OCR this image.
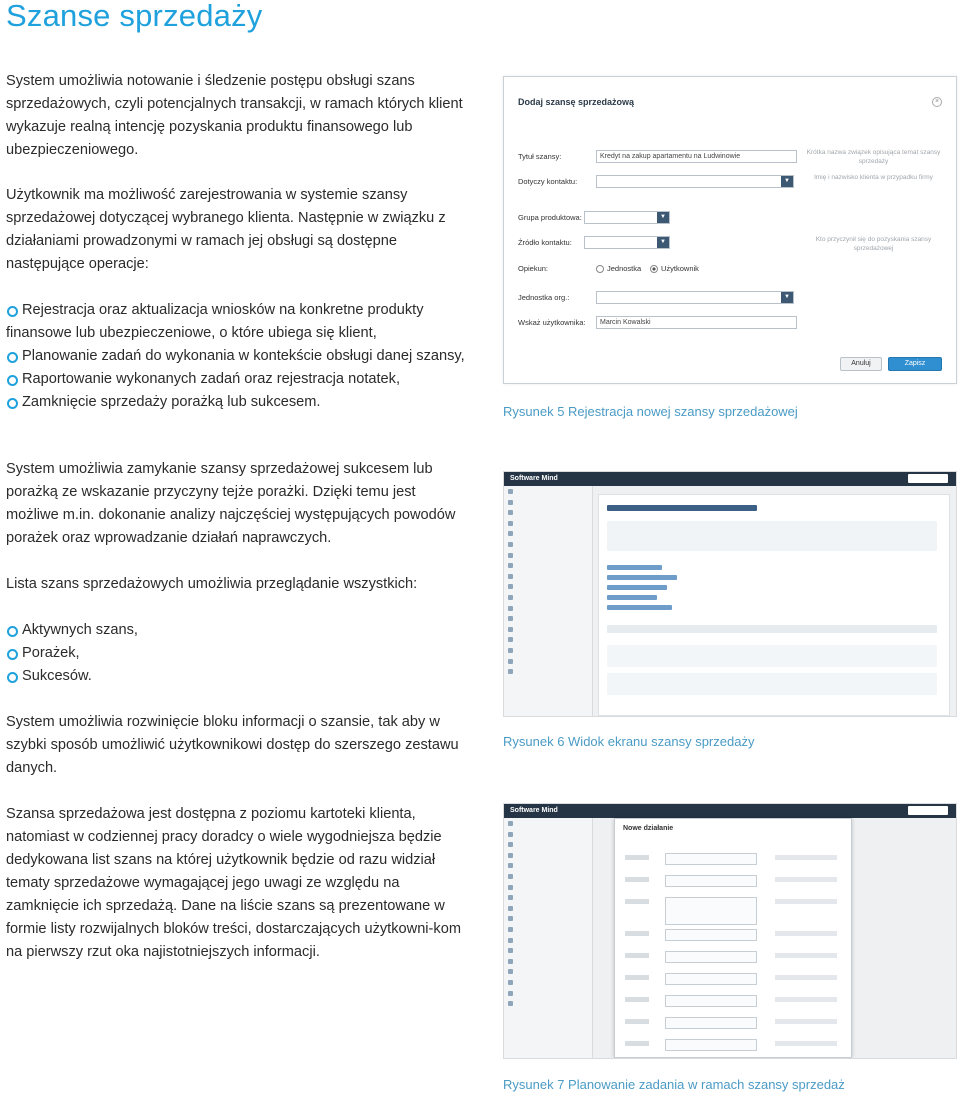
Szanse sprzedaży

System umożliwia notowanie i śledzenie postępu obsługi szans sprzedażowych, czyli potencjalnych transakcji, w ramach których klient wykazuje realną intencję pozyskania produktu finansowego lub ubezpieczeniowego.

Użytkownik ma możliwość zarejestrowania w systemie szansy sprzedażowej dotyczącej wybranego klienta. Następnie w związku z działaniami prowadzonymi w ramach jej obsługi są dostępne następujące operacje:

Rejestracja oraz aktualizacja wniosków na konkretne produkty finansowe lub ubezpieczeniowe, o które ubiega się klient,
Planowanie zadań do wykonania w kontekście obsługi danej szansy,
Raportowanie wykonanych zadań oraz rejestracja notatek,
Zamknięcie sprzedaży porażką lub sukcesem.

System umożliwia zamykanie szansy sprzedażowej sukcesem lub porażką ze wskazanie przyczyny tejże porażki. Dzięki temu jest możliwe m.in. dokonanie analizy najczęściej występujących powodów porażek oraz wprowadzanie działań naprawczych.

Lista szans sprzedażowych umożliwia przeglądanie wszystkich:

Aktywnych szans,
Porażek,
Sukcesów.

System umożliwia rozwinięcie bloku informacji o szansie, tak aby w szybki sposób umożliwić użytkownikowi dostęp do szerszego zestawu danych.

Szansa sprzedażowa jest dostępna z poziomu kartoteki klienta, natomiast w codziennej pracy doradcy o wiele wygodniejsza będzie dedykowana list szans na której użytkownik będzie od razu widział tematy sprzedażowe wymagającej jego uwagi ze względu na zamknięcie ich sprzedażą. Dane na liście szans są prezentowane w formie listy rozwijalnych bloków treści, dostarczających użytkowni-kom na pierwszy rzut oka najistotniejszych informacji.

Dodaj szansę sprzedażową	×
Tytuł szansy:	Kredyt na zakup apartamentu na Ludwinowie
Krótka nazwa związek opisująca temat szansy sprzedaży
Dotyczy kontaktu:	▼	Imię i nazwisko klienta w przypadku firmy
Grupa produktowa:	▼
Źródło kontaktu:	▼	Kto przyczynił się do pozyskania szansy sprzedażowej
Opiekun:	Jednostka	Użytkownik
Jednostka org.:	▼
Wskaż użytkownika:	Marcin Kowalski
Anuluj	Zapisz
Rysunek 5 Rejestracja nowej szansy sprzedażowej
Software Mind
Rysunek 6 Widok ekranu szansy sprzedaży
Software Mind
Nowe działanie
Rysunek 7 Planowanie zadania w ramach szansy sprzedaż
